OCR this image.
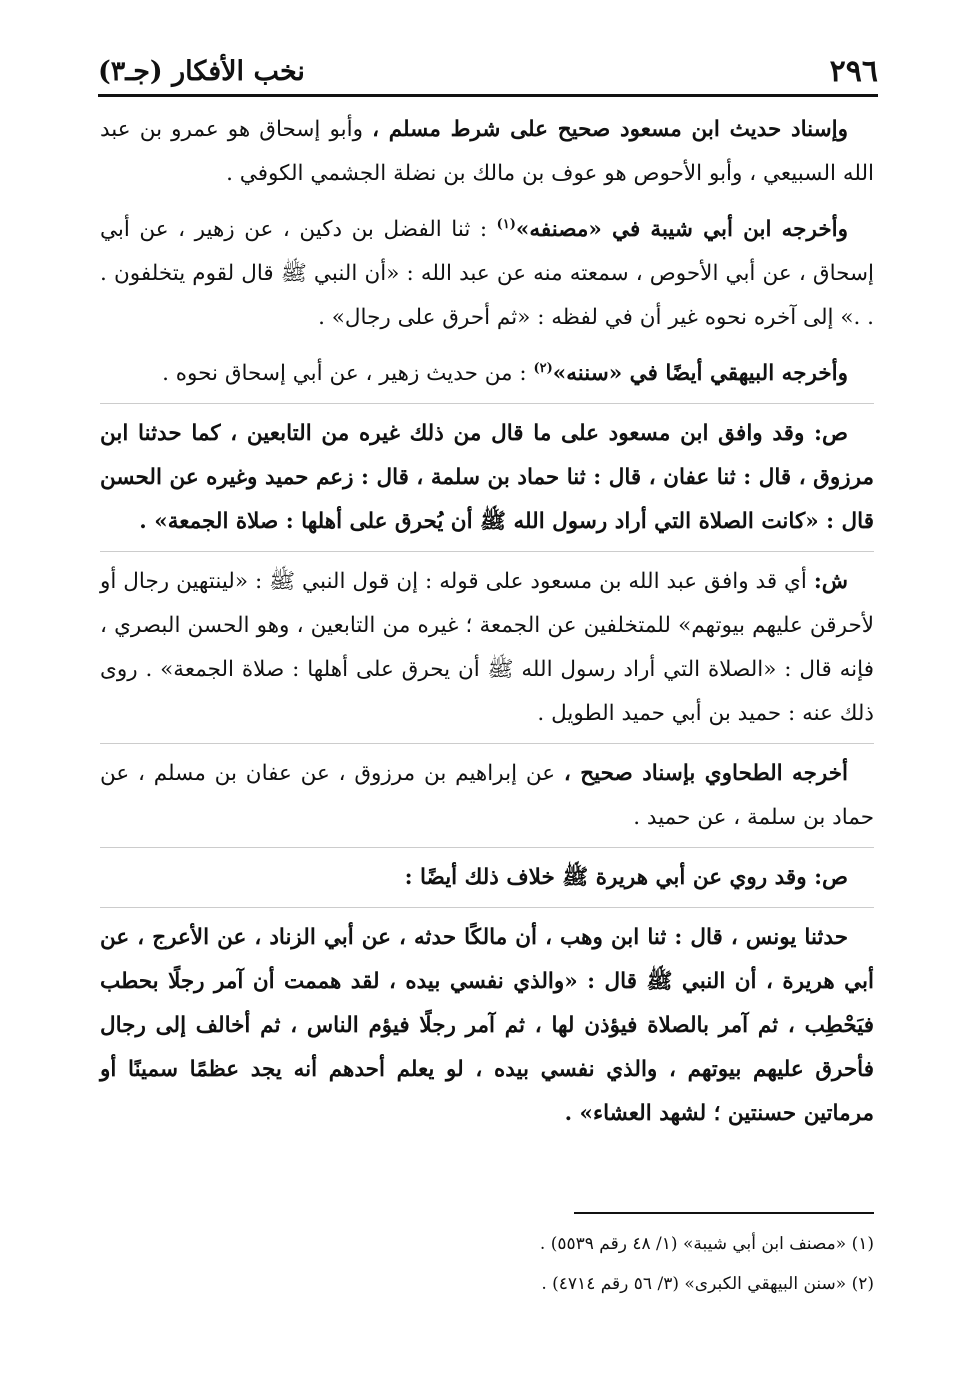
٢٩٦
نخب الأفكار (جـ٣)

وإسناد حديث ابن مسعود صحيح على شرط مسلم ، وأبو إسحاق هو عمرو بن عبد الله السبيعي ، وأبو الأحوص هو عوف بن مالك بن نضلة الجشمي الكوفي .

وأخرجه ابن أبي شيبة في «مصنفه»$^{(١)}$ : ثنا الفضل بن دكين ، عن زهير ، عن أبي إسحاق ، عن أبي الأحوص ، سمعته منه عن عبد الله : «أن النبي ﷺ قال لقوم يتخلفون . . .» إلى آخره نحوه غير أن في لفظه : «ثم أحرق على رجال» .

وأخرجه البيهقي أيضًا في «سننه»$^{(٢)}$ : من حديث زهير ، عن أبي إسحاق نحوه .

ص: وقد وافق ابن مسعود على ما قال من ذلك غيره من التابعين ، كما حدثنا ابن مرزوق ، قال : ثنا عفان ، قال : ثنا حماد بن سلمة ، قال : زعم حميد وغيره عن الحسن قال : «كانت الصلاة التي أراد رسول الله ﷺ أن يُحرق على أهلها : صلاة الجمعة» .

ش: أي قد وافق عبد الله بن مسعود على قوله : إن قول النبي ﷺ : «لينتهين رجال أو لأحرقن عليهم بيوتهم» للمتخلفين عن الجمعة ؛ غيره من التابعين ، وهو الحسن البصري ، فإنه قال : «الصلاة التي أراد رسول الله ﷺ أن يحرق على أهلها : صلاة الجمعة» . روى ذلك عنه : حميد بن أبي حميد الطويل .

أخرجه الطحاوي بإسناد صحيح ، عن إبراهيم بن مرزوق ، عن عفان بن مسلم ، عن حماد بن سلمة ، عن حميد .

ص: وقد روي عن أبي هريرة ﷺ خلاف ذلك أيضًا :

حدثنا يونس ، قال : ثنا ابن وهب ، أن مالكًا حدثه ، عن أبي الزناد ، عن الأعرج ، عن أبي هريرة ، أن النبي ﷺ قال : «والذي نفسي بيده ، لقد هممت أن آمر رجلًا بحطب فيَحْطِب ، ثم آمر بالصلاة فيؤذن لها ، ثم آمر رجلًا فيؤم الناس ، ثم أخالف إلى رجال فأحرق عليهم بيوتهم ، والذي نفسي بيده ، لو يعلم أحدهم أنه يجد عظمًا سمينًا أو مرماتين حسنتين ؛ لشهد العشاء» .

(١) «مصنف ابن أبي شيبة» (١/ ٤٨ رقم ٥٥٣٩) .
(٢) «سنن البيهقي الكبرى» (٣/ ٥٦ رقم ٤٧١٤) .
